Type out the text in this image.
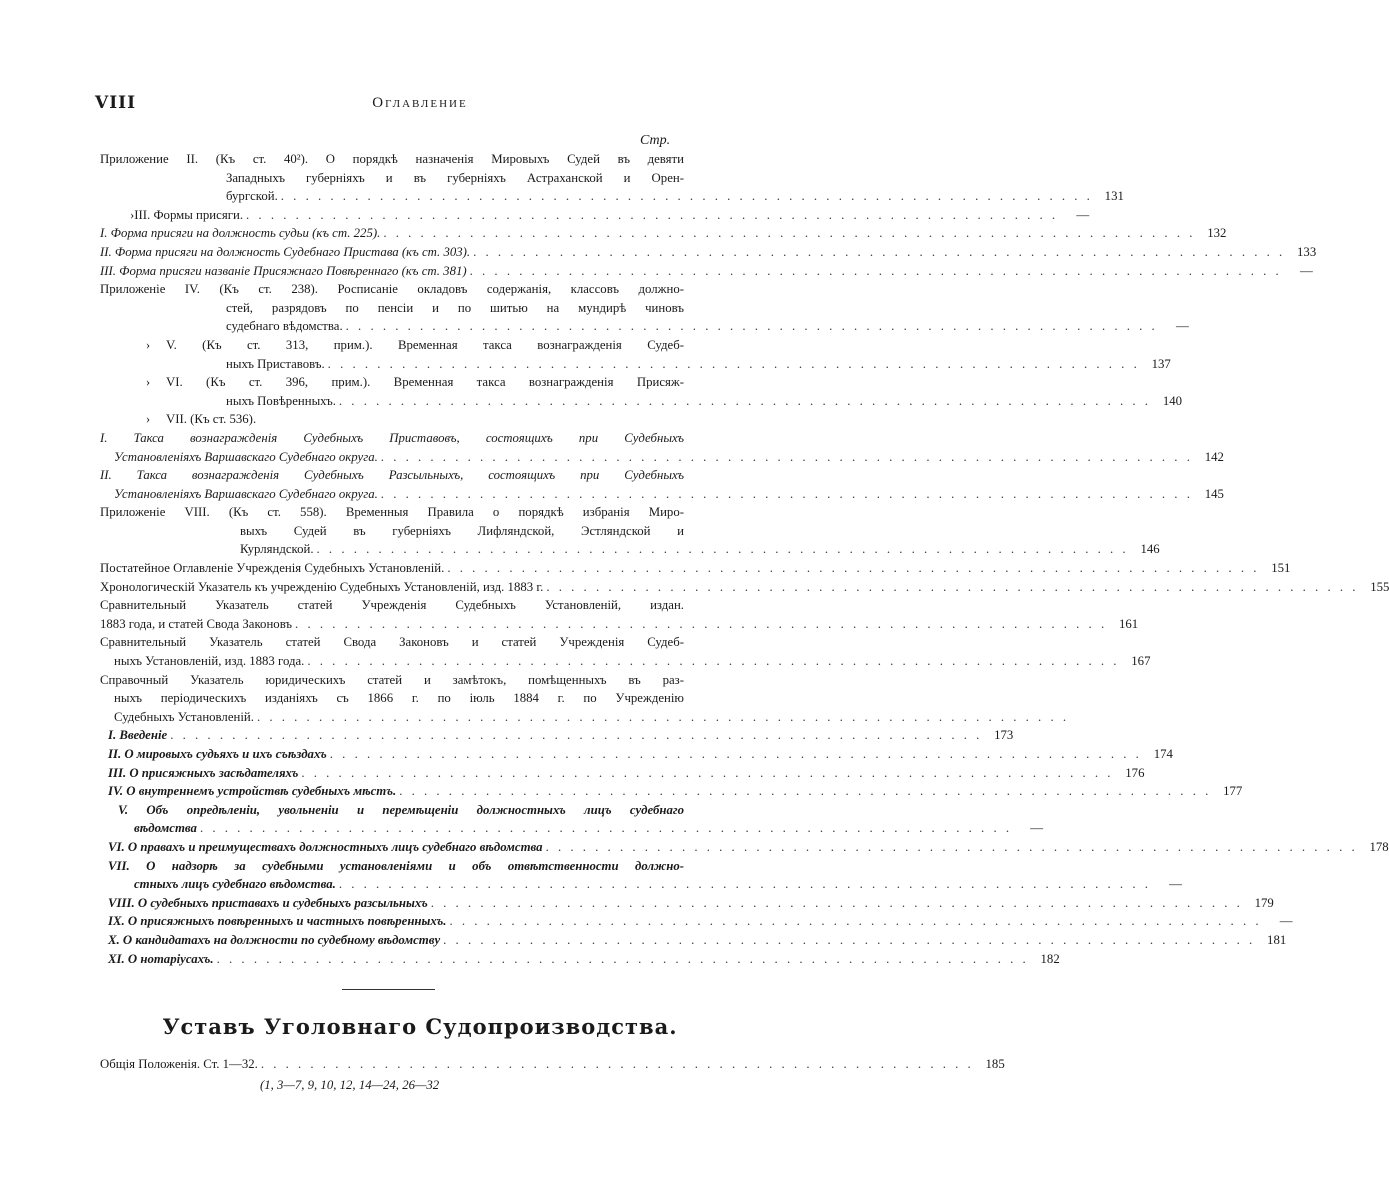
VIII	Оглавление
Стр.
Приложение II. (Къ ст. 40²). О порядкѣ назначенія Мировыхъ Судей въ девяти
Западныхъ губерніяхъ и въ губерніяхъ Астраханской и Орен-
бургской. . . . . . . . . . . . . . . . . . . . . . . . . . . . . . . . . . . . . . . . . . . . . . . . . . . . . . . . . . . . . . . . . . . 131
› III. Формы присяги. . . . . . . . . . . . . . . . . . . . . . . . . . . . . . . . . . . . . . . . . . . . . . . . . . . . . . . . . . . . . . . . . . .	—
I. Форма присяги на должность судьи (къ ст. 225). . . . . . . . . . . . . . . . . . . . . . . . . . . . . . . . . . . . . . . . . . . . . . . . . . . . . . . . . . . . . . . . . . . 132
II. Форма присяги на должность Судебнаго Пристава (къ ст. 303). . . . . . . . . . . . . . . . . . . . . . . . . . . . . . . . . . . . . . . . . . . . . . . . . . . . . . . . . . . . . . . . . . . 133
III. Форма присяги названіе Присяжнаго Повѣреннаго (къ ст. 381) . . . . . . . . . . . . . . . . . . . . . . . . . . . . . . . . . . . . . . . . . . . . . . . . . . . . . . . . . . . . . . . . . .	—
Приложеніе IV. (Къ ст. 238). Росписаніе окладовъ содержанія, классовъ должно-
стей, разрядовъ по пенсіи и по шитью на мундирѣ чиновъ
судебнаго вѣдомства. . . . . . . . . . . . . . . . . . . . . . . . . . . . . . . . . . . . . . . . . . . . . . . . . . . . . . . . . . . . . . . . . . .	—
›	V. (Къ ст. 313, прим.). Временная такса вознагражденія Судеб-
ныхъ Приставовъ. . . . . . . . . . . . . . . . . . . . . . . . . . . . . . . . . . . . . . . . . . . . . . . . . . . . . . . . . . . . . . . . . . . 137
›	VI. (Къ ст. 396, прим.). Временная такса вознагражденія Присяж-
ныхъ Повѣренныхъ. . . . . . . . . . . . . . . . . . . . . . . . . . . . . . . . . . . . . . . . . . . . . . . . . . . . . . . . . . . . . . . . . . . 140
›	VII. (Къ ст. 536).
I. Такса вознагражденія Судебныхъ Приставовъ, состоящихъ при Судебныхъ
Установленіяхъ Варшавскаго Судебнаго округа. . . . . . . . . . . . . . . . . . . . . . . . . . . . . . . . . . . . . . . . . . . . . . . . . . . . . . . . . . . . . . . . . . . 142
II. Такса вознагражденія Судебныхъ Разсыльныхъ, состоящихъ при Судебныхъ
Установленіяхъ Варшавскаго Судебнаго округа. . . . . . . . . . . . . . . . . . . . . . . . . . . . . . . . . . . . . . . . . . . . . . . . . . . . . . . . . . . . . . . . . . . 145
Приложеніе VIII. (Къ ст. 558). Временныя Правила о порядкѣ избранія Миро-
выхъ Судей въ губерніяхъ Лифляндской, Эстляндской и
Курляндской. . . . . . . . . . . . . . . . . . . . . . . . . . . . . . . . . . . . . . . . . . . . . . . . . . . . . . . . . . . . . . . . . . . 146
Постатейное Оглавленіе Учрежденія Судебныхъ Установленій. . . . . . . . . . . . . . . . . . . . . . . . . . . . . . . . . . . . . . . . . . . . . . . . . . . . . . . . . . . . . . . . . . . 151
Хронологическій Указатель къ учрежденію Судебныхъ Установленій, изд. 1883 г. . . . . . . . . . . . . . . . . . . . . . . . . . . . . . . . . . . . . . . . . . . . . . . . . . . . . . . . . . . . . . . . . . . 155
Сравнительный Указатель статей Учрежденія Судебныхъ Установленій, издан.
1883 года, и статей Свода Законовъ . . . . . . . . . . . . . . . . . . . . . . . . . . . . . . . . . . . . . . . . . . . . . . . . . . . . . . . . . . . . . . . . . . 161
Сравнительный Указатель статей Свода Законовъ и статей Учрежденія Судеб-
ныхъ Установленій, изд. 1883 года. . . . . . . . . . . . . . . . . . . . . . . . . . . . . . . . . . . . . . . . . . . . . . . . . . . . . . . . . . . . . . . . . . . 167
Справочный Указатель юридическихъ статей и замѣтокъ, помѣщенныхъ въ раз-
ныхъ періодическихъ изданіяхъ съ 1866 г. по іюль 1884 г. по Учрежденію
Судебныхъ Установленій. . . . . . . . . . . . . . . . . . . . . . . . . . . . . . . . . . . . . . . . . . . . . . . . . . . . . . . . . . . . . . . . . . .
I. Введеніе . . . . . . . . . . . . . . . . . . . . . . . . . . . . . . . . . . . . . . . . . . . . . . . . . . . . . . . . . . . . . . . . . . 173
II. О мировыхъ судьяхъ и ихъ съѣздахъ . . . . . . . . . . . . . . . . . . . . . . . . . . . . . . . . . . . . . . . . . . . . . . . . . . . . . . . . . . . . . . . . . . 174
III. О присяжныхъ засѣдателяхъ . . . . . . . . . . . . . . . . . . . . . . . . . . . . . . . . . . . . . . . . . . . . . . . . . . . . . . . . . . . . . . . . . . 176
IV. О внутреннемъ устройствѣ судебныхъ мѣстъ. . . . . . . . . . . . . . . . . . . . . . . . . . . . . . . . . . . . . . . . . . . . . . . . . . . . . . . . . . . . . . . . . . . 177
V. Объ опредѣленіи, увольненіи и перемѣщеніи должностныхъ лицъ судебнаго
вѣдомства . . . . . . . . . . . . . . . . . . . . . . . . . . . . . . . . . . . . . . . . . . . . . . . . . . . . . . . . . . . . . . . . . .	—
VI. О правахъ и преимуществахъ должностныхъ лицъ судебнаго вѣдомства . . . . . . . . . . . . . . . . . . . . . . . . . . . . . . . . . . . . . . . . . . . . . . . . . . . . . . . . . . . . . . . . . . 178
VII. О надзорѣ за судебными установленіями и объ отвѣтственности должно-
стныхъ лицъ судебнаго вѣдомства. . . . . . . . . . . . . . . . . . . . . . . . . . . . . . . . . . . . . . . . . . . . . . . . . . . . . . . . . . . . . . . . . . .	—
VIII. О судебныхъ приставахъ и судебныхъ разсыльныхъ . . . . . . . . . . . . . . . . . . . . . . . . . . . . . . . . . . . . . . . . . . . . . . . . . . . . . . . . . . . . . . . . . . 179
IX. О присяжныхъ повѣренныхъ и частныхъ повѣренныхъ. . . . . . . . . . . . . . . . . . . . . . . . . . . . . . . . . . . . . . . . . . . . . . . . . . . . . . . . . . . . . . . . . . .	—
X. О кандидатахъ на должности по судебному вѣдомству . . . . . . . . . . . . . . . . . . . . . . . . . . . . . . . . . . . . . . . . . . . . . . . . . . . . . . . . . . . . . . . . . . 181
XI. О нотаріусахъ. . . . . . . . . . . . . . . . . . . . . . . . . . . . . . . . . . . . . . . . . . . . . . . . . . . . . . . . . . . . . . . . . . . 182
Уставъ Уголовнаго Судопроизводства.
Общія Положенія. Ст. 1—32. . . . . . . . . . . . . . . . . . . . . . . . . . . . . . . . . . . . . . . . . . . . . . . . . . . . . . . . . . . 185
(1, 3—7, 9, 10, 12, 14—24, 26—32
